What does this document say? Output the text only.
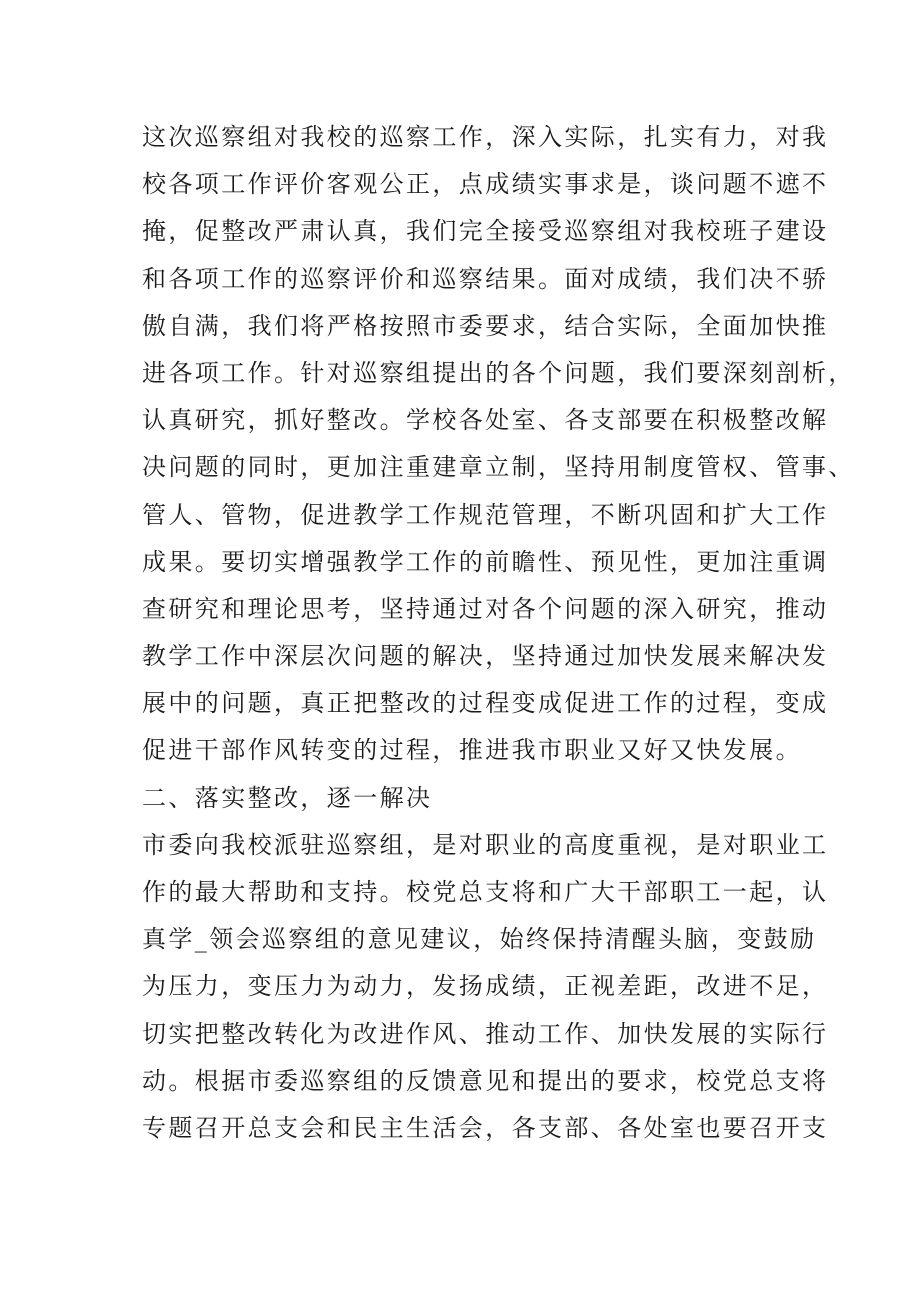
这次巡察组对我校的巡察工作，深入实际，扎实有力，对我
校各项工作评价客观公正，点成绩实事求是，谈问题不遮不
掩，促整改严肃认真，我们完全接受巡察组对我校班子建设
和各项工作的巡察评价和巡察结果。面对成绩，我们决不骄
傲自满，我们将严格按照市委要求，结合实际，全面加快推
进各项工作。针对巡察组提出的各个问题，我们要深刻剖析，
认真研究，抓好整改。学校各处室、各支部要在积极整改解
决问题的同时，更加注重建章立制，坚持用制度管权、管事、
管人、管物，促进教学工作规范管理，不断巩固和扩大工作
成果。要切实增强教学工作的前瞻性、预见性，更加注重调
查研究和理论思考，坚持通过对各个问题的深入研究，推动
教学工作中深层次问题的解决，坚持通过加快发展来解决发
展中的问题，真正把整改的过程变成促进工作的过程，变成
促进干部作风转变的过程，推进我市职业又好又快发展。
二、落实整改，逐一解决
市委向我校派驻巡察组，是对职业的高度重视，是对职业工
作的最大帮助和支持。校党总支将和广大干部职工一起，认
真学_领会巡察组的意见建议，始终保持清醒头脑，变鼓励
为压力，变压力为动力，发扬成绩，正视差距，改进不足，
切实把整改转化为改进作风、推动工作、加快发展的实际行
动。根据市委巡察组的反馈意见和提出的要求，校党总支将
专题召开总支会和民主生活会，各支部、各处室也要召开支
